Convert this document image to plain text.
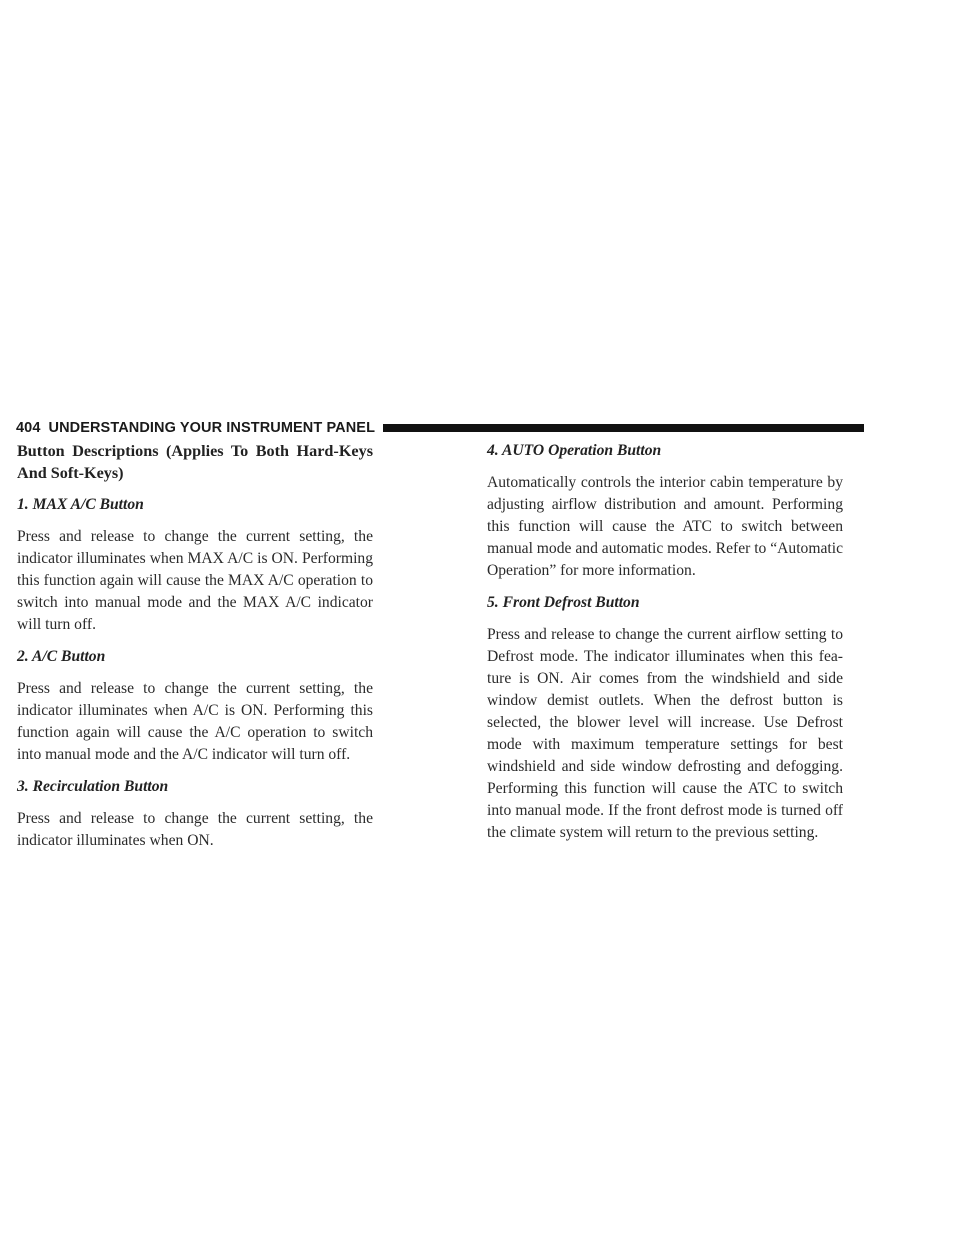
404 UNDERSTANDING YOUR INSTRUMENT PANEL

Button Descriptions (Applies To Both Hard-Keys And Soft-Keys)

1. MAX A/C Button

Press and release to change the current setting, the indicator illuminates when MAX A/C is ON. Performing this function again will cause the MAX A/C operation to switch into manual mode and the MAX A/C indicator will turn off.

2. A/C Button

Press and release to change the current setting, the indicator illuminates when A/C is ON. Performing this function again will cause the A/C operation to switch into manual mode and the A/C indicator will turn off.

3. Recirculation Button

Press and release to change the current setting, the indicator illuminates when ON.

4. AUTO Operation Button

Automatically controls the interior cabin temperature by adjusting airflow distribution and amount. Performing this function will cause the ATC to switch between manual mode and automatic modes. Refer to “Automatic Operation” for more information.

5. Front Defrost Button

Press and release to change the current airflow setting to Defrost mode. The indicator illuminates when this fea- ture is ON. Air comes from the windshield and side window demist outlets. When the defrost button is selected, the blower level will increase. Use Defrost mode with maximum temperature settings for best windshield and side window defrosting and defogging. Performing this function will cause the ATC to switch into manual mode. If the front defrost mode is turned off the climate system will return to the previous setting.
